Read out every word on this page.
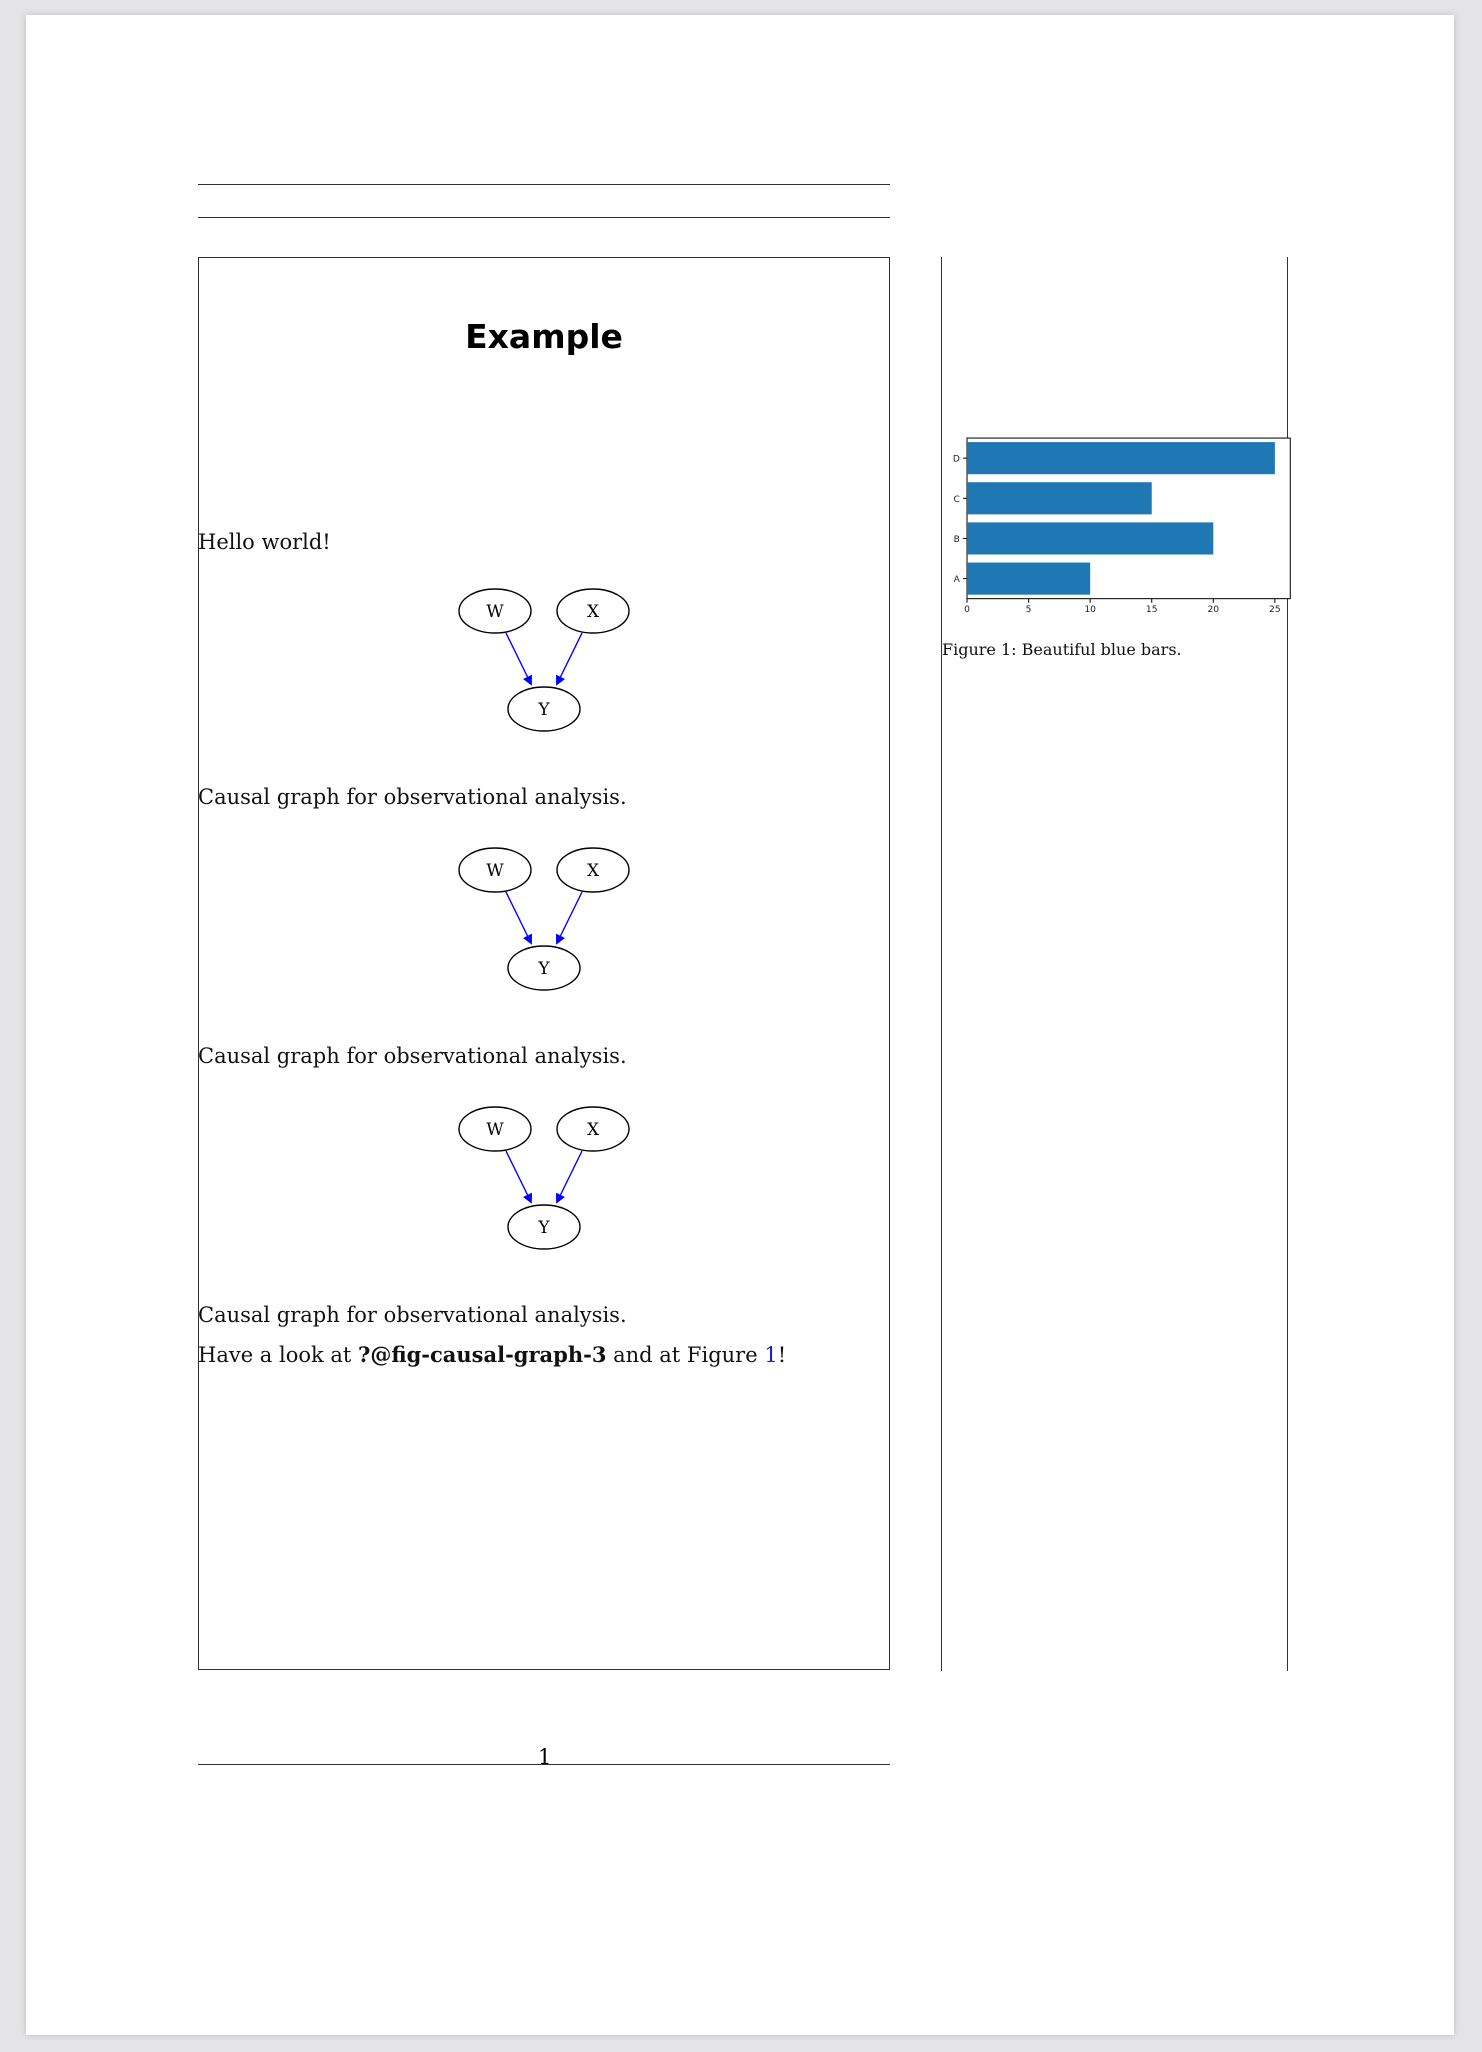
Example
Hello world!
W	X
Y
Causal graph for observational analysis.
W	X
Y
Causal graph for observational analysis.
W	X
Y
Causal graph for observational analysis.
Have a look at ?@fig-causal-graph-3 and at Figure 1!
A
B
C
D
0	5	10	15	20	25
Figure 1: Beautiful blue bars.
1
